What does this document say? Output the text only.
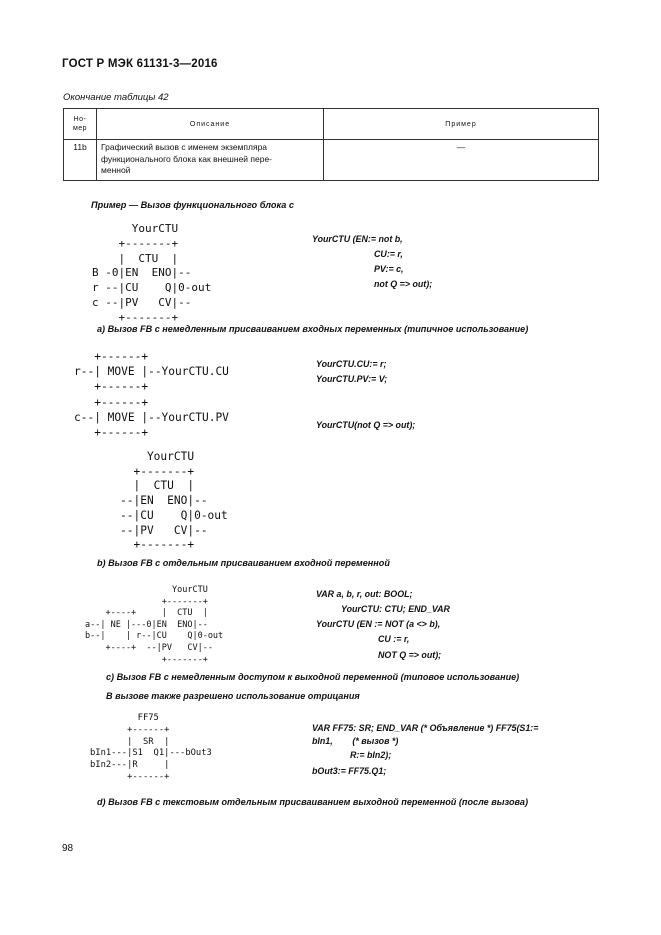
ГОСТ Р МЭК 61131-3—2016
Окончание таблицы 42
Но-
мер	Описание	Пример
11b	Графический вызов с именем экземпляра
функционального блока как внешней пере-
менной	—
Пример — Вызов функционального блока с
YourCTU
+-------+
|  CTU  |
B -0|EN  ENO|--
r --|CU    Q|0-out
c --|PV   CV|--
+-------+
YourCTU (EN:= not b,
CU:= r,
PV:= c,
not Q => out);
a) Вызов FB с немедленным присваиванием входных переменных (типичное использование)
+------+
r--| MOVE |--YourCTU.CU
+------+
+------+
c--| MOVE |--YourCTU.PV
+------+
YourCTU.CU:= r;
YourCTU.PV:= V;
YourCTU(not Q => out);
YourCTU
+-------+
|  CTU  |
--|EN  ENO|--
--|CU    Q|0-out
--|PV   CV|--
+-------+
b) Вызов FB с отдельным присваиванием входной переменной
YourCTU
+-------+
+----+     |  CTU  |
a--| NE |---0|EN  ENO|--
b--|    | r--|CU    Q|0-out
+----+  --|PV   CV|--
+-------+
VAR a, b, r, out: BOOL;
YourCTU: CTU; END_VAR
YourCTU (EN := NOT (a <> b),
CU := r,
NOT Q => out);
c) Вызов FB с немедленным доступом к выходной переменной (типовое использование)
В вызове также разрешено использование отрицания
FF75
+------+
|  SR  |
bIn1---|S1  Q1|---bOut3
bIn2---|R     |
+------+
VAR FF75: SR; END_VAR (* Объявление *) FF75(S1:=
bIn1,        (* вызов *)
R:= bIn2);
bOut3:= FF75.Q1;
d) Вызов FB с текстовым отдельным присваиванием выходной переменной (после вызова)
98
